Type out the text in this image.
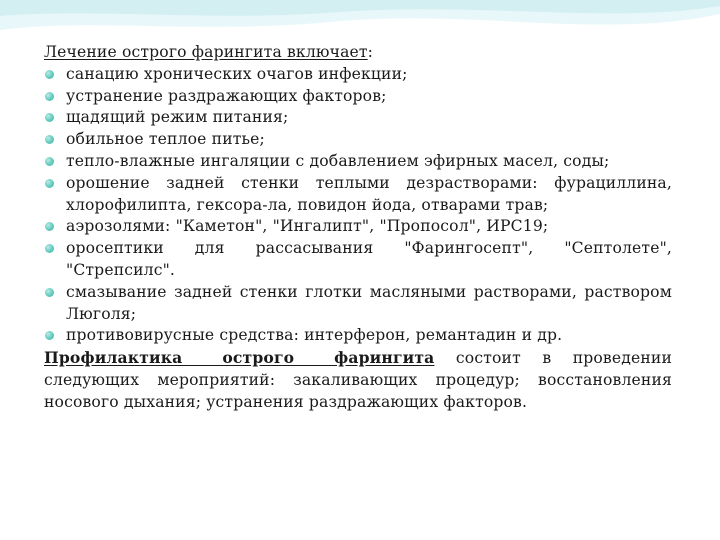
Лечение острого фарингита включает:

санацию хронических очагов инфекции;
устранение раздражающих факторов;
щадящий режим питания;
обильное теплое питье;
тепло-влажные ингаляции с добавлением эфирных масел, соды;
орошение задней стенки теплыми дезрастворами: фурациллина, хлорофилипта, гексора-ла, повидон йода, отварами трав;
аэрозолями: "Каметон", "Ингалипт", "Пропосол", ИРС19;
оросептики для рассасывания "Фарингосепт", "Септолете", "Стрепсилс".
смазывание задней стенки глотки масляными растворами, раствором Люголя;
противовирусные средства: интерферон, ремантадин и др.

Профилактика острого фарингита состоит в проведении следующих мероприятий: закаливающих процедур; восстановления носового дыхания; устранения раздражающих факторов.
